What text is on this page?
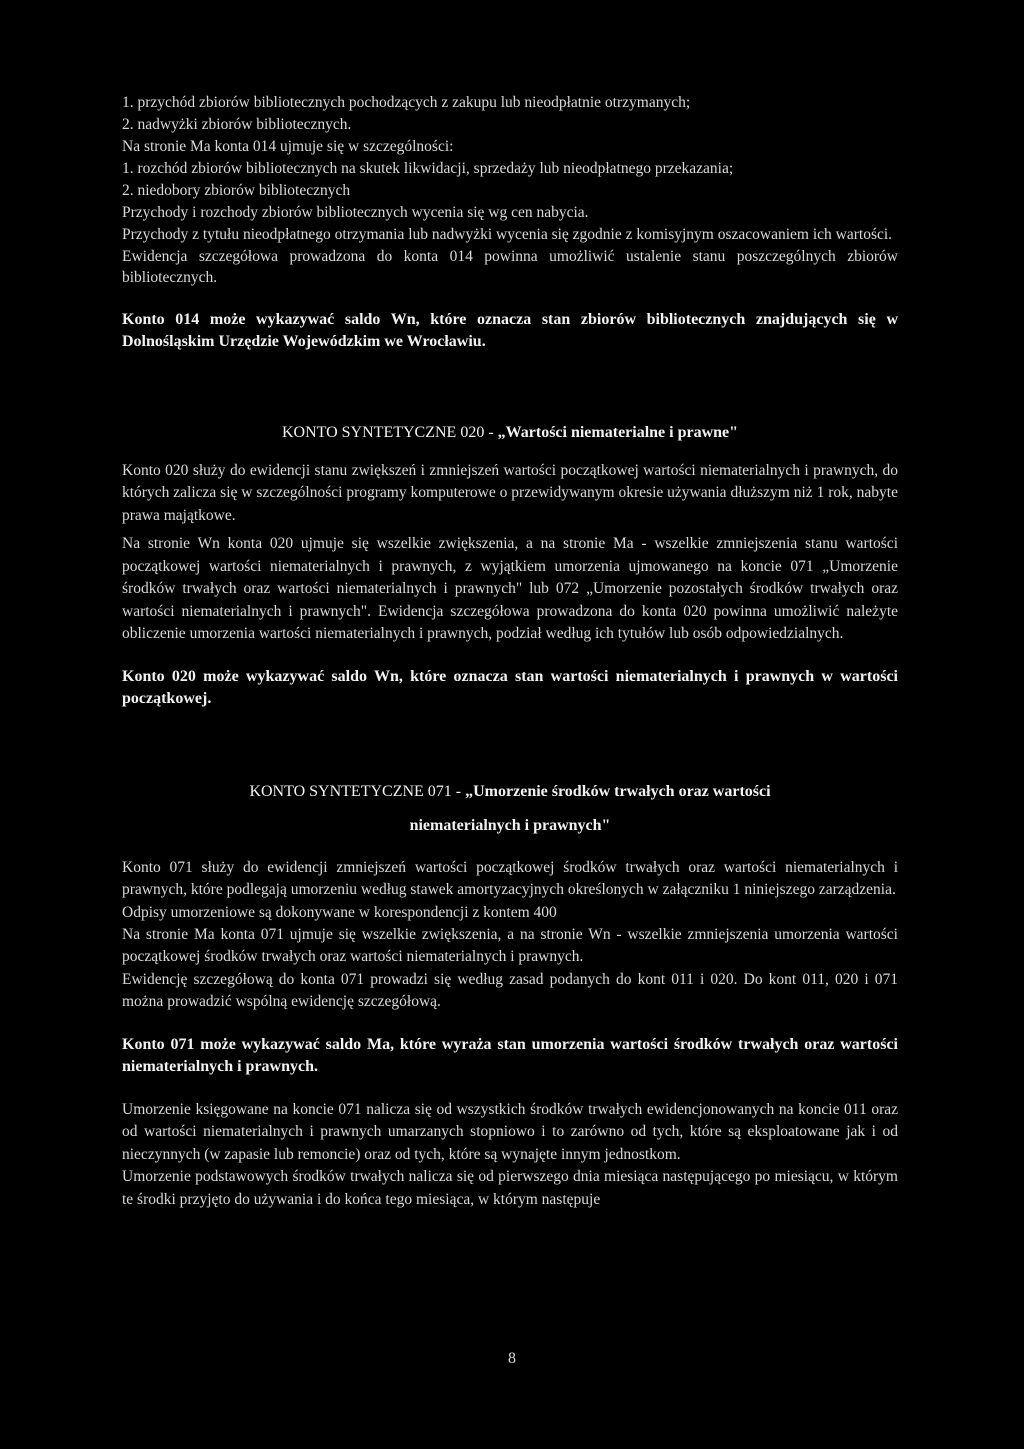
1. przychód zbiorów bibliotecznych pochodzących z zakupu lub nieodpłatnie otrzymanych;
2. nadwyżki zbiorów bibliotecznych.
Na stronie Ma konta 014 ujmuje się w szczególności:
1. rozchód zbiorów bibliotecznych na skutek likwidacji, sprzedaży lub nieodpłatnego przekazania;
2. niedobory zbiorów bibliotecznych
Przychody i rozchody zbiorów bibliotecznych wycenia się wg cen nabycia.
Przychody z tytułu nieodpłatnego otrzymania lub nadwyżki wycenia się zgodnie z komisyjnym oszacowaniem ich wartości.
Ewidencja szczegółowa prowadzona do konta 014 powinna umożliwić ustalenie stanu poszczególnych zbiorów bibliotecznych.
Konto 014 może wykazywać saldo Wn, które oznacza stan zbiorów bibliotecznych znajdujących się w Dolnośląskim Urzędzie Wojewódzkim we Wrocławiu.
KONTO SYNTETYCZNE 020 - „Wartości niematerialne i prawne"
Konto 020 służy do ewidencji stanu zwiększeń i zmniejszeń wartości początkowej wartości niematerialnych i prawnych, do których zalicza się w szczególności programy komputerowe o przewidywanym okresie używania dłuższym niż 1 rok, nabyte prawa majątkowe.
Na stronie Wn konta 020 ujmuje się wszelkie zwiększenia, a na stronie Ma - wszelkie zmniejszenia stanu wartości początkowej wartości niematerialnych i prawnych, z wyjątkiem umorzenia ujmowanego na koncie 071 „Umorzenie środków trwałych oraz wartości niematerialnych i prawnych" lub 072 „Umorzenie pozostałych środków trwałych oraz wartości niematerialnych i prawnych". Ewidencja szczegółowa prowadzona do konta 020 powinna umożliwić należyte obliczenie umorzenia wartości niematerialnych i prawnych, podział według ich tytułów lub osób odpowiedzialnych.
Konto 020 może wykazywać saldo Wn, które oznacza stan wartości niematerialnych i prawnych w wartości początkowej.
KONTO SYNTETYCZNE 071 - „Umorzenie środków trwałych oraz wartości
niematerialnych i prawnych"
Konto 071 służy do ewidencji zmniejszeń wartości początkowej środków trwałych oraz wartości niematerialnych i prawnych, które podlegają umorzeniu według stawek amortyzacyjnych określonych w załączniku 1 niniejszego zarządzenia.
Odpisy umorzeniowe są dokonywane w korespondencji z kontem 400
Na stronie Ma konta 071 ujmuje się wszelkie zwiększenia, a na stronie Wn - wszelkie zmniejszenia umorzenia wartości początkowej środków trwałych oraz wartości niematerialnych i prawnych.
Ewidencję szczegółową do konta 071 prowadzi się według zasad podanych do kont 011 i 020. Do kont 011, 020 i 071 można prowadzić wspólną ewidencję szczegółową.
Konto 071 może wykazywać saldo Ma, które wyraża stan umorzenia wartości środków trwałych oraz wartości niematerialnych i prawnych.
Umorzenie księgowane na koncie 071 nalicza się od wszystkich środków trwałych ewidencjonowanych na koncie 011 oraz od wartości niematerialnych i prawnych umarzanych stopniowo i to zarówno od tych, które są eksploatowane jak i od nieczynnych (w zapasie lub remoncie) oraz od tych, które są wynajęte innym jednostkom.
Umorzenie podstawowych środków trwałych nalicza się od pierwszego dnia miesiąca następującego po miesiącu, w którym te środki przyjęto do używania i do końca tego miesiąca, w którym następuje
8
